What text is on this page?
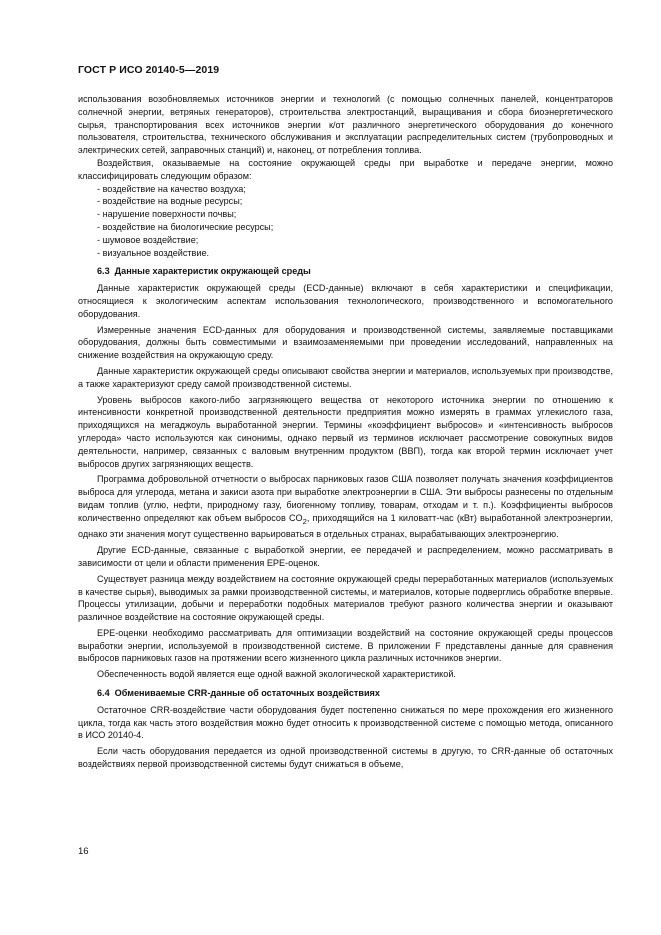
ГОСТ Р ИСО 20140-5—2019

использования возобновляемых источников энергии и технологий (с помощью солнечных панелей, концентраторов солнечной энергии, ветряных генераторов), строительства электростанций, выращивания и сбора биоэнергетического сырья, транспортирования всех источников энергии к/от различного энергетического оборудования до конечного пользователя, строительства, технического обслуживания и эксплуатации распределительных систем (трубопроводных и электрических сетей, заправочных станций) и, наконец, от потребления топлива.

Воздействия, оказываемые на состояние окружающей среды при выработке и передаче энергии, можно классифицировать следующим образом:

- воздействие на качество воздуха;
- воздействие на водные ресурсы;
- нарушение поверхности почвы;
- воздействие на биологические ресурсы;
- шумовое воздействие;
- визуальное воздействие.
6.3 Данные характеристик окружающей среды

Данные характеристик окружающей среды (ECD-данные) включают в себя характеристики и спецификации, относящиеся к экологическим аспектам использования технологического, производственного и вспомогательного оборудования.

Измеренные значения ECD-данных для оборудования и производственной системы, заявляемые поставщиками оборудования, должны быть совместимыми и взаимозаменяемыми при проведении исследований, направленных на снижение воздействия на окружающую среду.

Данные характеристик окружающей среды описывают свойства энергии и материалов, используемых при производстве, а также характеризуют среду самой производственной системы.

Уровень выбросов какого-либо загрязняющего вещества от некоторого источника энергии по отношению к интенсивности конкретной производственной деятельности предприятия можно измерять в граммах углекислого газа, приходящихся на мегаджоуль выработанной энергии. Термины «коэффициент выбросов» и «интенсивность выбросов углерода» часто используются как синонимы, однако первый из терминов исключает рассмотрение совокупных видов деятельности, например, связанных с валовым внутренним продуктом (ВВП), тогда как второй термин исключает учет выбросов других загрязняющих веществ.

Программа добровольной отчетности о выбросах парниковых газов США позволяет получать значения коэффициентов выброса для углерода, метана и закиси азота при выработке электроэнергии в США. Эти выбросы разнесены по отдельным видам топлив (углю, нефти, природному газу, биогенному топливу, товарам, отходам и т. п.). Коэффициенты выбросов количественно определяют как объем выбросов $CO_2$, приходящийся на 1 киловатт-час (кВт) выработанной электроэнергии, однако эти значения могут существенно варьироваться в отдельных странах, вырабатывающих электроэнергию.

Другие ECD-данные, связанные с выработкой энергии, ее передачей и распределением, можно рассматривать в зависимости от цели и области применения EPE-оценок.

Существует разница между воздействием на состояние окружающей среды переработанных материалов (используемых в качестве сырья), выводимых за рамки производственной системы, и материалов, которые подверглись обработке впервые. Процессы утилизации, добычи и переработки подобных материалов требуют разного количества энергии и оказывают различное воздействие на состояние окружающей среды.

EPE-оценки необходимо рассматривать для оптимизации воздействий на состояние окружающей среды процессов выработки энергии, используемой в производственной системе. В приложении F представлены данные для сравнения выбросов парниковых газов на протяжении всего жизненного цикла различных источников энергии.

Обеспеченность водой является еще одной важной экологической характеристикой.

6.4 Обмениваемые CRR-данные об остаточных воздействиях

Остаточное CRR-воздействие части оборудования будет постепенно снижаться по мере прохождения его жизненного цикла, тогда как часть этого воздействия можно будет относить к производственной системе с помощью метода, описанного в ИСО 20140-4.

Если часть оборудования передается из одной производственной системы в другую, то CRR-данные об остаточных воздействиях первой производственной системы будут снижаться в объеме,

16
